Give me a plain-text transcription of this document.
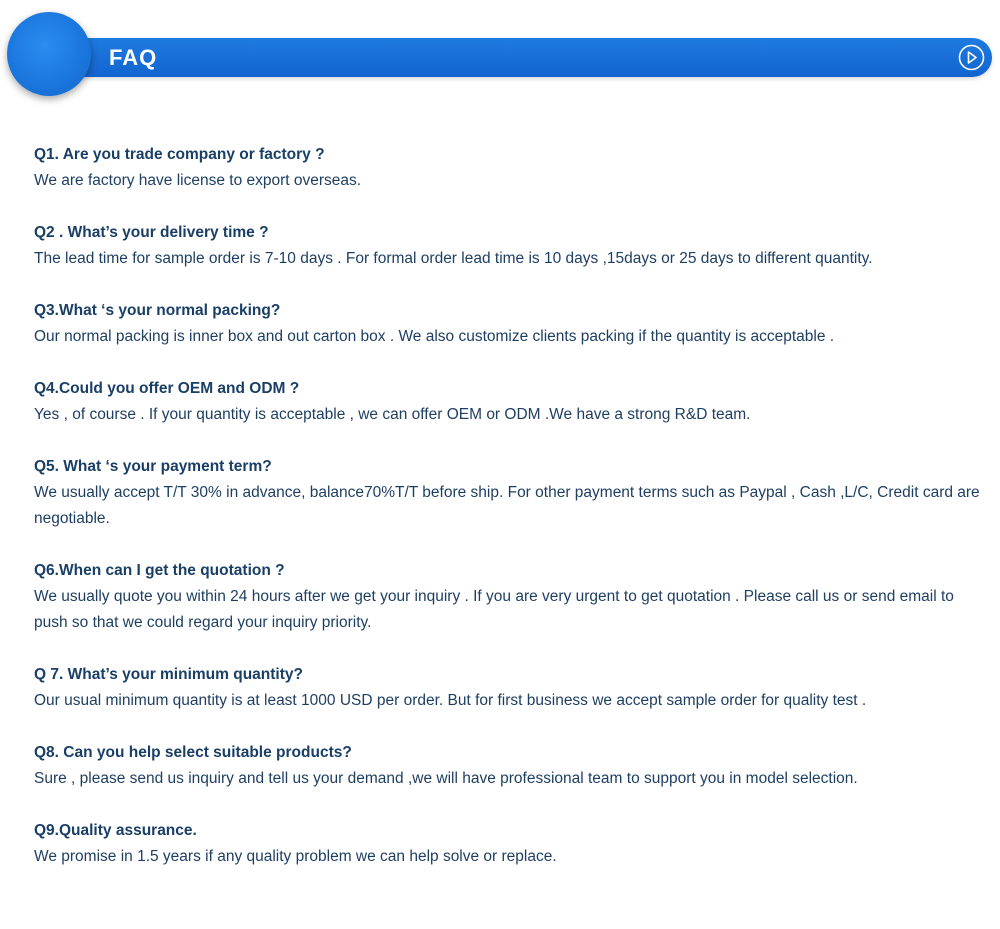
FAQ

Q1. Are you trade company or factory ?

We are factory have license to export overseas.

Q2 . What’s your delivery time ?

The lead time for sample order is 7-10 days . For formal order lead time is 10 days ,15days or 25 days to different quantity.

Q3.What ‘s your normal packing?

Our normal packing is inner box and out carton box . We also customize clients packing if the quantity is acceptable .

Q4.Could you offer OEM and ODM ?

Yes , of course . If your quantity is acceptable , we can offer OEM or ODM .We have a strong R&D team.

Q5. What ‘s your payment term?

We usually accept T/T 30% in advance, balance70%T/T before ship. For other payment terms such as Paypal , Cash ,L/C, Credit card are negotiable.

Q6.When can I get the quotation ?

We usually quote you within 24 hours after we get your inquiry . If you are very urgent to get quotation . Please call us or send email to push so that we could regard your inquiry priority.

Q 7. What’s your minimum quantity?

Our usual minimum quantity is at least 1000 USD per order. But for first business we accept sample order for quality test .

Q8. Can you help select suitable products?

Sure , please send us inquiry and tell us your demand ,we will have professional team to support you in model selection.

Q9.Quality assurance.

We promise in 1.5 years if any quality problem we can help solve or replace.
